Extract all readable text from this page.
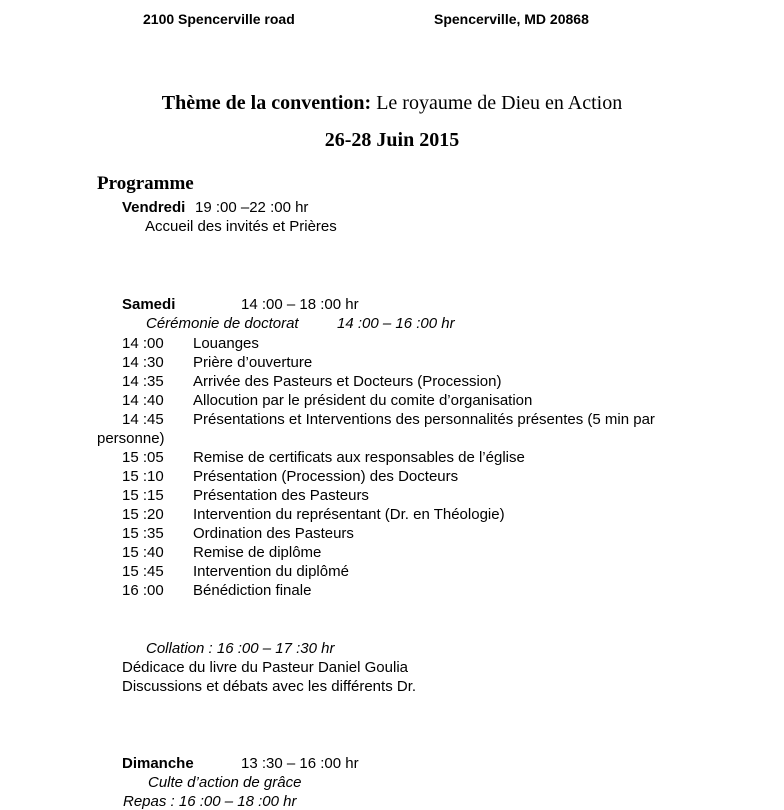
2100 Spencerville road	Spencerville, MD 20868
Thème de la convention: Le royaume de Dieu en Action
26-28 Juin 2015
Programme
Vendredi 19 :00 –22 :00 hr
Accueil des invités et Prières
Samedi	14 :00 – 18 :00 hr
Cérémonie de doctorat	14 :00 – 16 :00 hr
14 :00 Louanges
14 :30 Prière d’ouverture
14 :35 Arrivée des Pasteurs et Docteurs (Procession)
14 :40 Allocution par le président du comite d’organisation
14 :45 Présentations et Interventions des personnalités présentes (5 min par
personne)
15 :05 Remise de certificats aux responsables de l’église
15 :10 Présentation (Procession) des Docteurs
15 :15 Présentation des Pasteurs
15 :20 Intervention du représentant (Dr. en Théologie)
15 :35 Ordination des Pasteurs
15 :40 Remise de diplôme
15 :45 Intervention du diplômé
16 :00 Bénédiction finale
Collation : 16 :00 – 17 :30 hr
Dédicace du livre du Pasteur Daniel Goulia
Discussions et débats avec les différents Dr.
Dimanche	13 :30 – 16 :00 hr
Culte d’action de grâce
Repas : 16 :00 – 18 :00 hr
